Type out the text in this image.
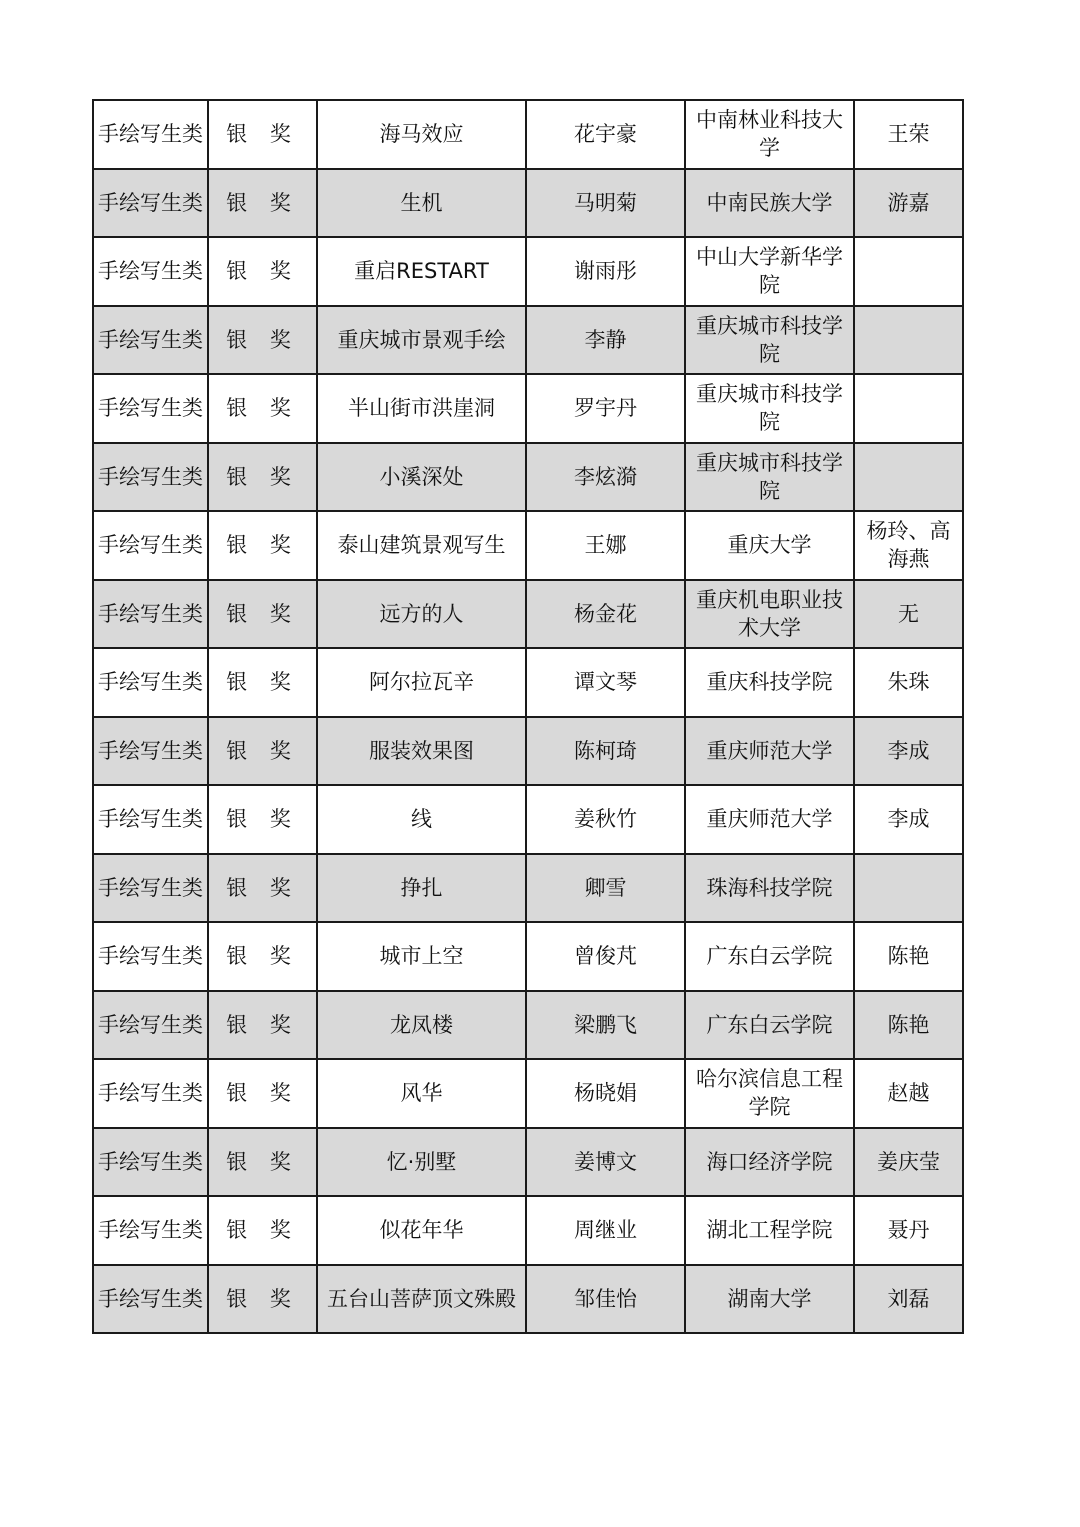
手绘写生类	银 奖	海马效应	花宇豪	中南林业科技大学	王荣
手绘写生类	银 奖	生机	马明菊	中南民族大学	游嘉
手绘写生类	银 奖	重启RESTART	谢雨彤	中山大学新华学院	
手绘写生类	银 奖	重庆城市景观手绘	李静	重庆城市科技学院	
手绘写生类	银 奖	半山街市洪崖洞	罗宇丹	重庆城市科技学院	
手绘写生类	银 奖	小溪深处	李炫漪	重庆城市科技学院	
手绘写生类	银 奖	泰山建筑景观写生	王娜	重庆大学	杨玲、高海燕
手绘写生类	银 奖	远方的人	杨金花	重庆机电职业技术大学	无
手绘写生类	银 奖	阿尔拉瓦辛	谭文琴	重庆科技学院	朱珠
手绘写生类	银 奖	服装效果图	陈柯琦	重庆师范大学	李成
手绘写生类	银 奖	线	姜秋竹	重庆师范大学	李成
手绘写生类	银 奖	挣扎	卿雪	珠海科技学院	
手绘写生类	银 奖	城市上空	曾俊芃	广东白云学院	陈艳
手绘写生类	银 奖	龙凤楼	梁鹏飞	广东白云学院	陈艳
手绘写生类	银 奖	风华	杨晓娟	哈尔滨信息工程学院	赵越
手绘写生类	银 奖	忆·别墅	姜博文	海口经济学院	姜庆莹
手绘写生类	银 奖	似花年华	周继业	湖北工程学院	聂丹
手绘写生类	银 奖	五台山菩萨顶文殊殿	邹佳怡	湖南大学	刘磊
